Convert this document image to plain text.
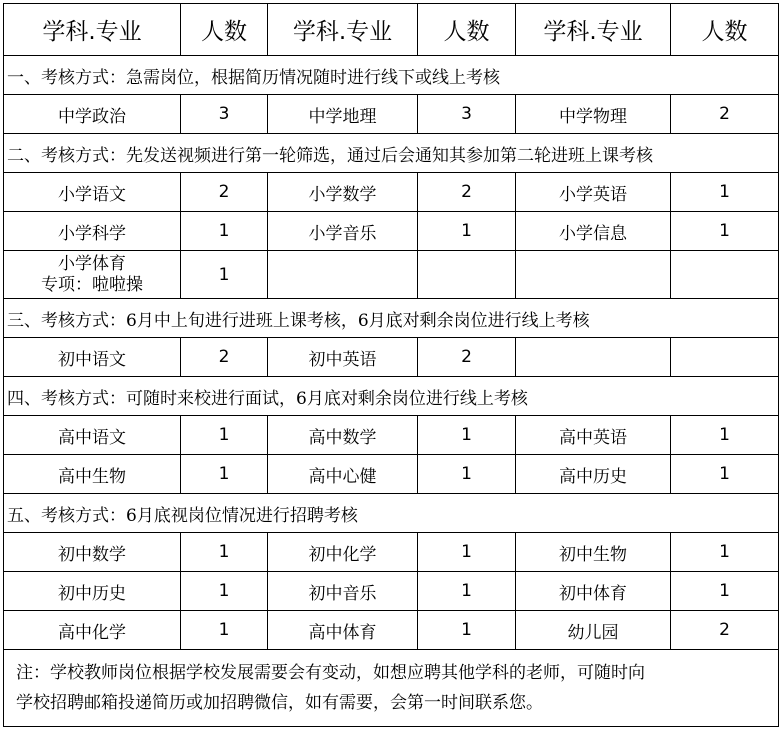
学科.专业	人数	学科.专业	人数	学科.专业	人数
一、考核方式：急需岗位，根据简历情况随时进行线下或线上考核					
中学政治	3	中学地理	3	中学物理	2
二、考核方式：先发送视频进行第一轮筛选，通过后会通知其参加第二轮进班上课考核					
小学语文	2	小学数学	2	小学英语	1
小学科学	1	小学音乐	1	小学信息	1

小学体育
专项：啦啦操	1				
三、考核方式：6月中上旬进行进班上课考核，6月底对剩余岗位进行线上考核					
初中语文	2	初中英语	2		
四、考核方式：可随时来校进行面试，6月底对剩余岗位进行线上考核					
高中语文	1	高中数学	1	高中英语	1
高中生物	1	高中心健	1	高中历史	1
五、考核方式：6月底视岗位情况进行招聘考核					
初中数学	1	初中化学	1	初中生物	1
初中历史	1	初中音乐	1	初中体育	1
高中化学	1	高中体育	1	幼儿园	2

注：学校教师岗位根据学校发展需要会有变动，如想应聘其他学科的老师，可随时向
学校招聘邮箱投递简历或加招聘微信，如有需要，会第一时间联系您。					
